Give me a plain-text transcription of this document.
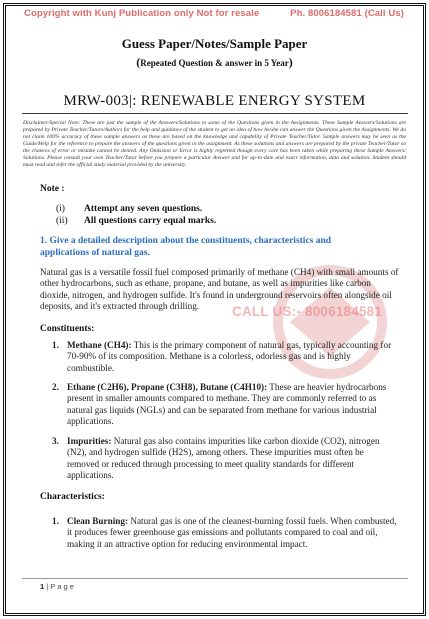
Copyright with Kunj Publication only Not for resale	Ph. 8006184581 (Call Us)
Guess Paper/Notes/Sample Paper
(Repeated Question & answer in 5 Year)
MRW-003|: RENEWABLE ENERGY SYSTEM
Disclaimer/Special Note: These are just the sample of the Answers/Solutions to some of the Questions given in the Assignments. These Sample Answers/Solutions are prepared by Private Teacher/Tutors/Authors for the help and guidance of the student to get an idea of how he/she can answer the Questions given the Assignments. We do not claim 100% accuracy of these sample answers as these are based on the knowledge and capability of Private Teacher/Tutor. Sample answers may be seen as the Guide/Help for the reference to prepare the answers of the questions given in the assignment. As these solutions and answers are prepared by the private Teacher/Tutor so the chances of error or mistake cannot be denied. Any Omission or Error is highly regretted though every care has been taken while preparing these Sample Answers/ Solutions. Please consult your own Teacher/Tutor before you prepare a particular Answer and for up-to-date and exact information, data and solution. Student should must read and refer the official study material provided by the university.
CALL US:- 8006184581
Note :
(i) Attempt any seven questions.
(ii) All questions carry equal marks.
1. Give a detailed description about the constituents, characteristics and applications of natural gas.
Natural gas is a versatile fossil fuel composed primarily of methane (CH4) with small amounts of other hydrocarbons, such as ethane, propane, and butane, as well as impurities like carbon dioxide, nitrogen, and hydrogen sulfide. It's found in underground reservoirs often alongside oil deposits, and it's extracted through drilling.
Constituents:
1. Methane (CH4): This is the primary component of natural gas, typically accounting for 70-90% of its composition. Methane is a colorless, odorless gas and is highly combustible.
2. Ethane (C2H6), Propane (C3H8), Butane (C4H10): These are heavier hydrocarbons present in smaller amounts compared to methane. They are commonly referred to as natural gas liquids (NGLs) and can be separated from methane for various industrial applications.
3. Impurities: Natural gas also contains impurities like carbon dioxide (CO2), nitrogen (N2), and hydrogen sulfide (H2S), among others. These impurities must often be removed or reduced through processing to meet quality standards for different applications.
Characteristics:
1. Clean Burning: Natural gas is one of the cleanest-burning fossil fuels. When combusted, it produces fewer greenhouse gas emissions and pollutants compared to coal and oil, making it an attractive option for reducing environmental impact.
1 | P a g e
